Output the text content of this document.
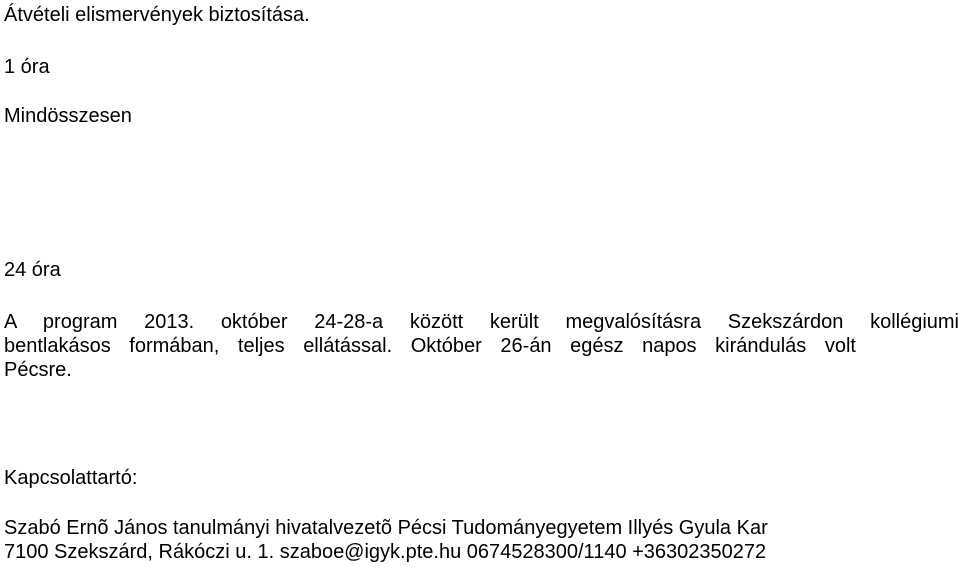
Átvételi elismervények biztosítása.
1 óra
Mindösszesen
24 óra
A program 2013. október 24-28-a között került megvalósításra Szekszárdon kollégiumi
bentlakásos formában, teljes ellátással. Október 26-án egész napos kirándulás volt
Pécsre.
Kapcsolattartó:
Szabó Ernõ János tanulmányi hivatalvezetõ Pécsi Tudományegyetem Illyés Gyula Kar
7100 Szekszárd, Rákóczi u. 1. szaboe@igyk.pte.hu 0674528300/1140 +36302350272
